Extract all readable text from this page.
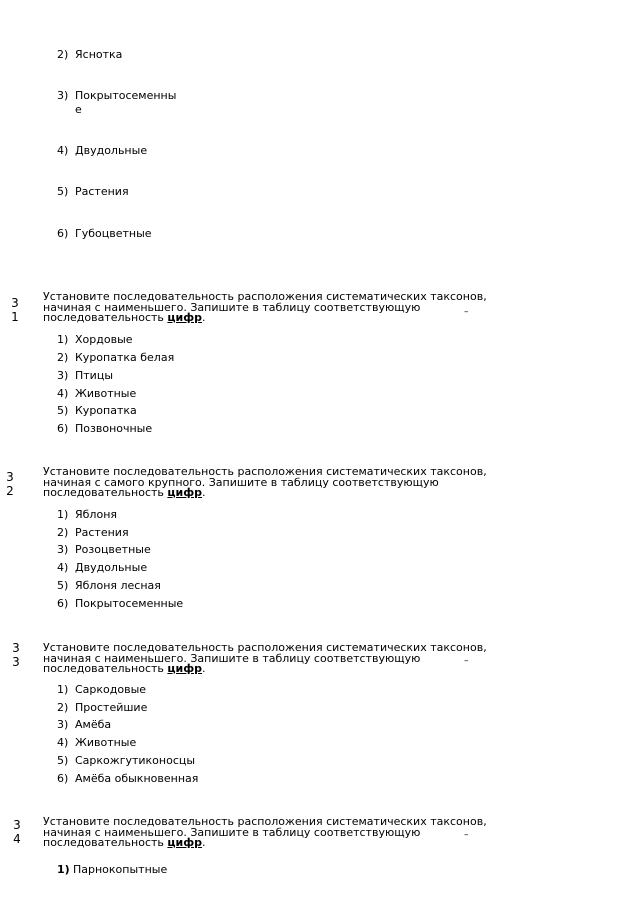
2) Яснотка
3) Покрытосеменны
е
4) Двудольные
5) Растения
6) Губоцветные
3
1
Установите последовательность расположения систематических таксонов,
начиная с наименьшего. Запишите в таблицу соответствующую
последовательность цифр.	–
1) Хордовые
2) Куропатка белая
3) Птицы
4) Животные
5) Куропатка
6) Позвоночные
3
2
Установите последовательность расположения систематических таксонов,
начиная с самого крупного. Запишите в таблицу соответствующую
последовательность цифр.
1) Яблоня
2) Растения
3) Розоцветные
4) Двудольные
5) Яблоня лесная
6) Покрытосеменные
3
3
Установите последовательность расположения систематических таксонов,
начиная с наименьшего. Запишите в таблицу соответствующую
последовательность цифр.
–
1) Саркодовые
2) Простейшие
3) Амёба
4) Животные
5) Саркожгутиконосцы
6) Амёба обыкновенная
3
4
Установите последовательность расположения систематических таксонов,
начиная с наименьшего. Запишите в таблицу соответствующую
последовательность цифр.
–
1) Парнокопытные
